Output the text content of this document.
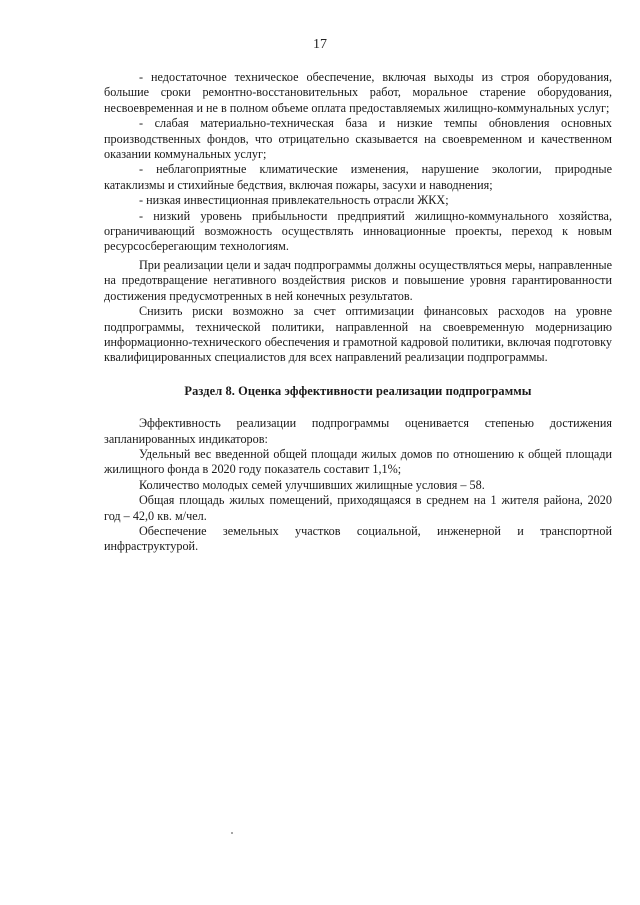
17

- недостаточное техническое обеспечение, включая выходы из строя оборудования, большие сроки ремонтно-восстановительных работ, моральное старение оборудования, несвоевременная и не в полном объеме оплата предоставляемых жилищно-коммунальных услуг;

- слабая материально-техническая база и низкие темпы обновления основных производственных фондов, что отрицательно сказывается на своевременном и качественном оказании коммунальных услуг;

- неблагоприятные климатические изменения, нарушение экологии, природные катаклизмы и стихийные бедствия, включая пожары, засухи и наводнения;

- низкая инвестиционная привлекательность отрасли ЖКХ;

- низкий уровень прибыльности предприятий жилищно-коммунального хозяйства, ограничивающий возможность осуществлять инновационные проекты, переход к новым ресурсосберегающим технологиям.

При реализации цели и задач подпрограммы должны осуществляться меры, направленные на предотвращение негативного воздействия рисков и повышение уровня гарантированности достижения предусмотренных в ней конечных результатов.

Снизить риски возможно за счет оптимизации финансовых расходов на уровне подпрограммы, технической политики, направленной на своевременную модернизацию информационно-технического обеспечения и грамотной кадровой политики, включая подготовку квалифицированных специалистов для всех направлений реализации подпрограммы.

Раздел 8. Оценка эффективности реализации подпрограммы

Эффективность реализации подпрограммы оценивается степенью достижения запланированных индикаторов:

Удельный вес введенной общей площади жилых домов по отношению к общей площади жилищного фонда в 2020 году показатель составит 1,1%;

Количество молодых семей улучшивших жилищные условия – 58.

Общая площадь жилых помещений, приходящаяся в среднем на 1 жителя района, 2020 год – 42,0 кв. м/чел.

Обеспечение земельных участков социальной, инженерной и транспортной инфраструктурой.
